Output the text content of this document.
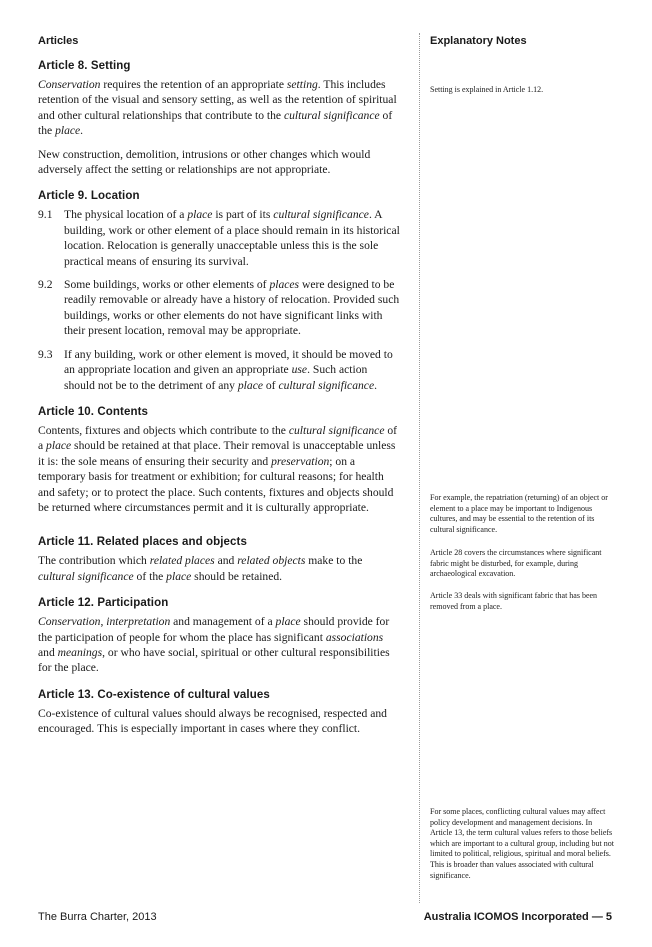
Articles	Explanatory Notes
Article 8. Setting

Conservation requires the retention of an appropriate setting. This includes retention of the visual and sensory setting, as well as the retention of spiritual and other cultural relationships that contribute to the cultural significance of the place.

New construction, demolition, intrusions or other changes which would adversely affect the setting or relationships are not appropriate.

Article 9. Location
9.1 The physical location of a place is part of its cultural significance. A building, work or other element of a place should remain in its historical location. Relocation is generally unacceptable unless this is the sole practical means of ensuring its survival.
9.2 Some buildings, works or other elements of places were designed to be readily removable or already have a history of relocation. Provided such buildings, works or other elements do not have significant links with their present location, removal may be appropriate.
9.3 If any building, work or other element is moved, it should be moved to an appropriate location and given an appropriate use. Such action should not be to the detriment of any place of cultural significance.
Article 10. Contents

Contents, fixtures and objects which contribute to the cultural significance of a place should be retained at that place. Their removal is unacceptable unless it is: the sole means of ensuring their security and preservation; on a temporary basis for treatment or exhibition; for cultural reasons; for health and safety; or to protect the place. Such contents, fixtures and objects should be returned where circumstances permit and it is culturally appropriate.

Article 11. Related places and objects

The contribution which related places and related objects make to the cultural significance of the place should be retained.

Article 12. Participation

Conservation, interpretation and management of a place should provide for the participation of people for whom the place has significant associations and meanings, or who have social, spiritual or other cultural responsibilities for the place.

Article 13. Co-existence of cultural values

Co-existence of cultural values should always be recognised, respected and encouraged. This is especially important in cases where they conflict.

Setting is explained in Article 1.12.

For example, the repatriation (returning) of an object or element to a place may be important to Indigenous cultures, and may be essential to the retention of its cultural significance.

Article 28 covers the circumstances where significant fabric might be disturbed, for example, during archaeological excavation.

Article 33 deals with significant fabric that has been removed from a place.

For some places, conflicting cultural values may affect policy development and management decisions. In Article 13, the term cultural values refers to those beliefs which are important to a cultural group, including but not limited to political, religious, spiritual and moral beliefs. This is broader than values associated with cultural significance.

The Burra Charter, 2013	Australia ICOMOS Incorporated — 5
